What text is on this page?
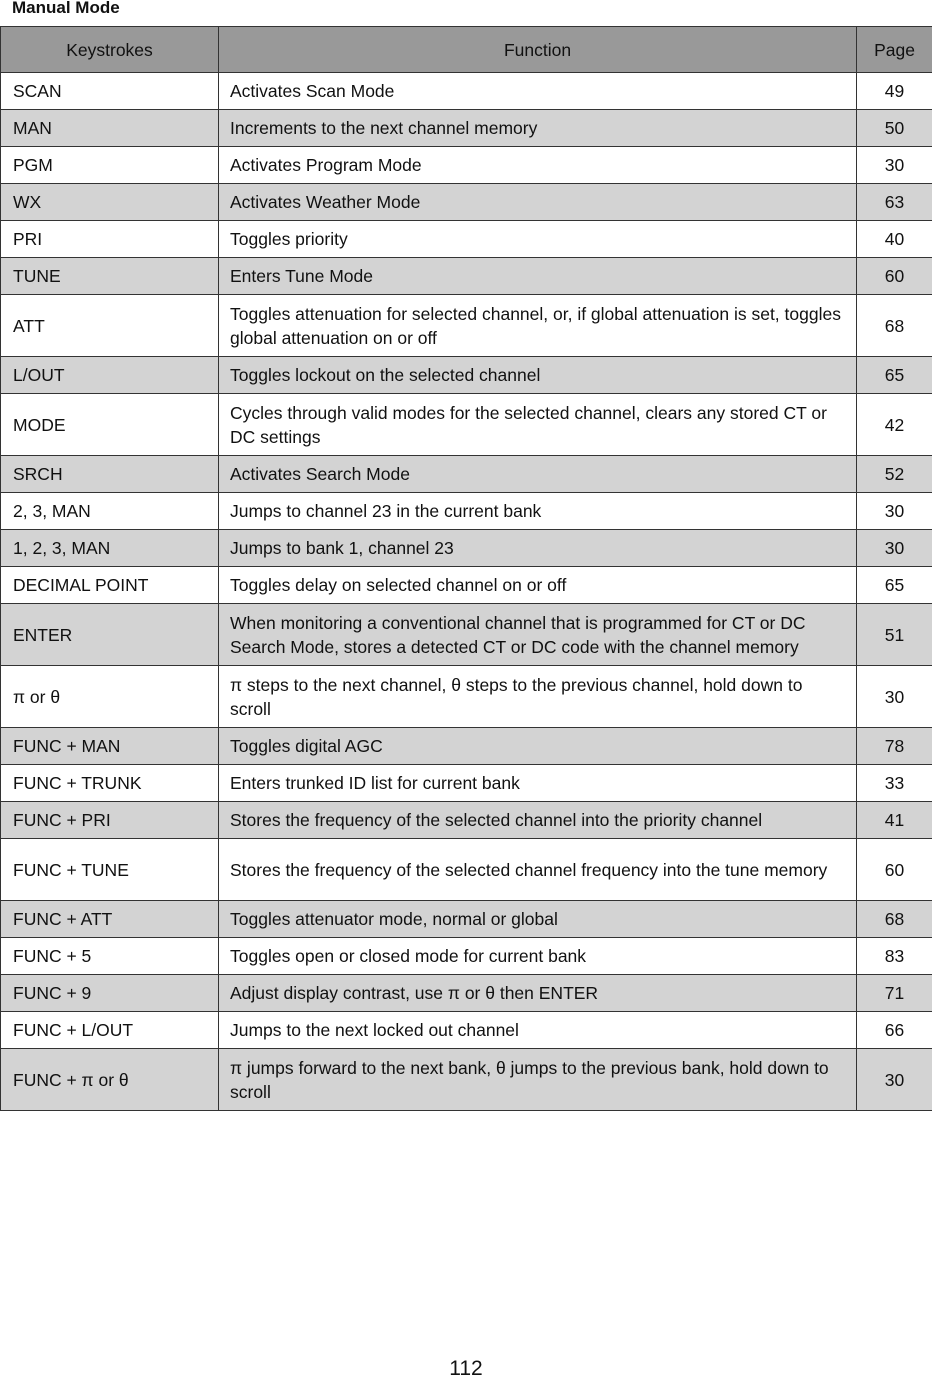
Manual Mode
Keystrokes	Function	Page
SCAN	Activates Scan Mode	49
MAN	Increments to the next channel memory	50
PGM	Activates Program Mode	30
WX	Activates Weather Mode	63
PRI	Toggles priority	40
TUNE	Enters Tune Mode	60
ATT	Toggles attenuation for selected channel, or, if global attenuation is set, toggles global attenuation on or off	68
L/OUT	Toggles lockout on the selected channel	65
MODE	Cycles through valid modes for the selected channel, clears any stored CT or DC settings	42
SRCH	Activates Search Mode	52
2, 3, MAN	Jumps to channel 23 in the current bank	30
1, 2, 3, MAN	Jumps to bank 1, channel 23	30
DECIMAL POINT	Toggles delay on selected channel on or off	65
ENTER	When monitoring a conventional channel that is programmed for CT or DC Search Mode, stores a detected CT or DC code with the channel memory	51
π or θ	π steps to the next channel, θ steps to the previous channel, hold down to scroll	30
FUNC + MAN	Toggles digital AGC	78
FUNC + TRUNK	Enters trunked ID list for current bank	33
FUNC + PRI	Stores the frequency of the selected channel into the priority channel	41
FUNC + TUNE	Stores the frequency of the selected channel frequency into the tune memory	60
FUNC + ATT	Toggles attenuator mode, normal or global	68
FUNC + 5	Toggles open or closed mode for current bank	83
FUNC + 9	Adjust display contrast, use π or θ then ENTER	71
FUNC + L/OUT	Jumps to the next locked out channel	66
FUNC + π or θ	π jumps forward to the next bank, θ jumps to the previous bank, hold down to scroll	30
112
